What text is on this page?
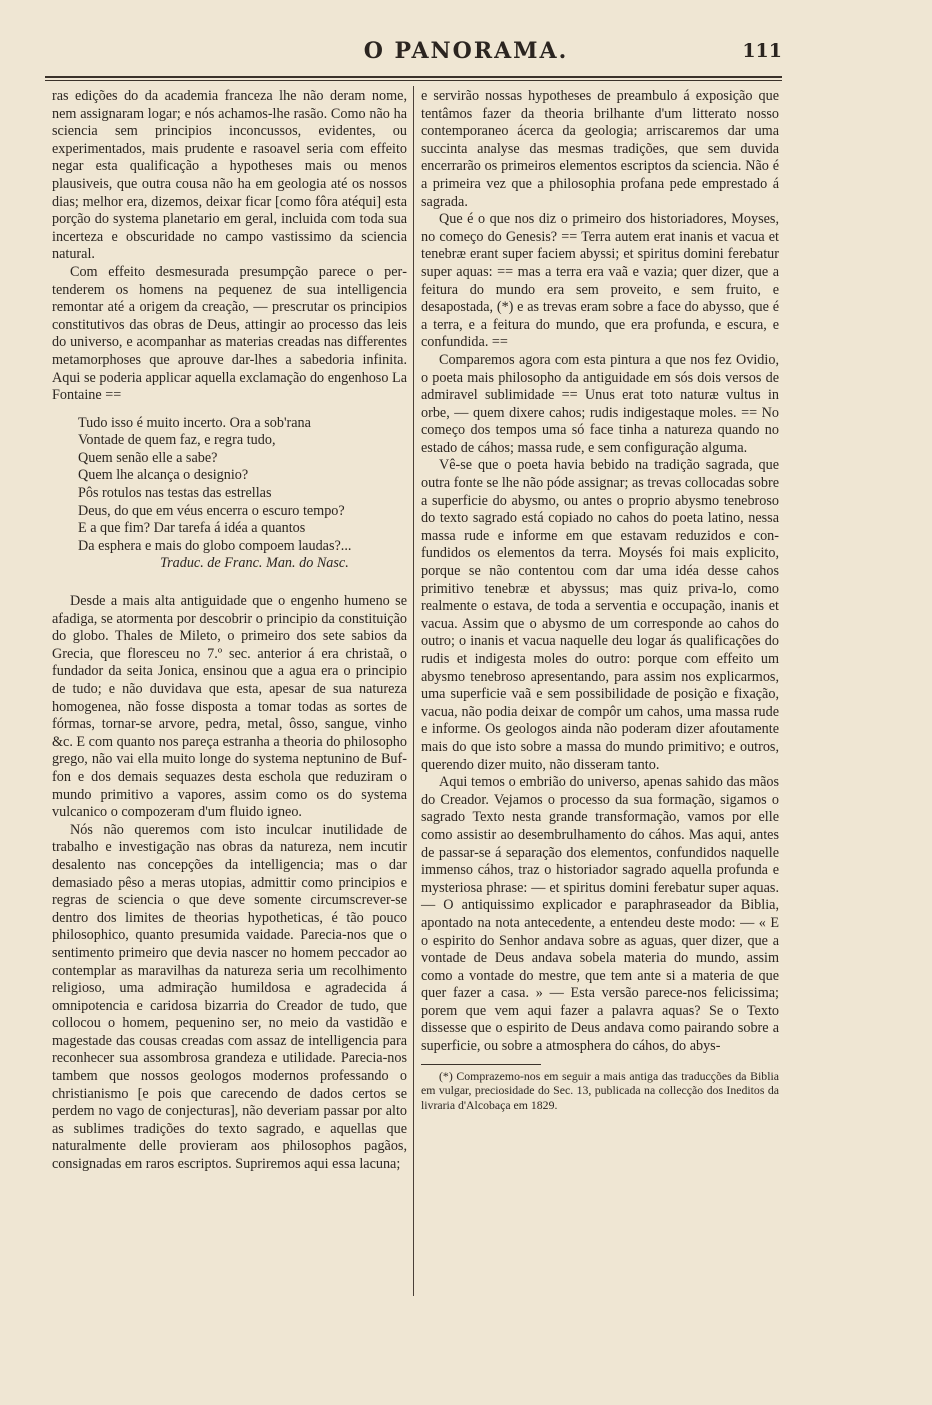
O PANORAMA.	111

ras edições do da academia franceza lhe não deram nome, nem assignaram logar; e nós achamos-lhe rasão. Como não ha sciencia sem principios inconcussos, evidentes, ou experimentados, mais prudente e rasoavel seria com effeito negar esta qualificação a hypotheses mais ou menos plausiveis, que outra cousa não ha em geologia até os nossos dias; melhor era, dizemos, deixar ficar [como fôra atéqui] esta porção do systema planetario em geral, incluida com toda sua incerteza e obscuridade no campo vastissimo da sciencia natural.

Com effeito desmesurada presumpção parece o pertenderem os homens na pequenez de sua intelligencia remontar até a origem da creação, — prescrutar os principios constitutivos das obras de Deus, attingir ao processo das leis do universo, e acompanhar as materias creadas nas differentes metamorphoses que aprouve dar-lhes a sabedoria infinita. Aqui se poderia applicar aquella exclamação do engenhoso La Fontaine ==

Tudo isso é muito incerto. Ora a sob'rana
Vontade de quem faz, e regra tudo,
Quem senão elle a sabe?
Quem lhe alcança o designio?
Pôs rotulos nas testas das estrellas
Deus, do que em véus encerra o escuro tempo?
E a que fim? Dar tarefa á idéa a quantos
Da esphera e mais do globo compoem laudas?...
Traduc. de Franc. Man. do Nasc.

Desde a mais alta antiguidade que o engenho humeno se afadiga, se atormenta por descobrir o principio da constituição do globo. Thales de Mileto, o primeiro dos sete sabios da Grecia, que floresceu no 7.º sec. anterior á era christaã, o fundador da seita Jonica, ensinou que a agua era o principio de tudo; e não duvidava que esta, apesar de sua natureza homogenea, não fosse disposta a tomar todas as sortes de fórmas, tornar-se arvore, pedra, metal, ôsso, sangue, vinho &c. E com quanto nos pareça estranha a theoria do philosopho grego, não vai ella muito longe do systema neptunino de Buffon e dos demais sequazes desta eschola que reduziram o mundo primitivo a vapores, assim como os do systema vulcanico o compozeram d'um fluido igneo.

Nós não queremos com isto inculcar inutilidade de trabalho e investigação nas obras da natureza, nem incutir desalento nas concepções da intelligencia; mas o dar demasiado pêso a meras utopias, admittir como principios e regras de sciencia o que deve somente circumscrever-se dentro dos limites de theorias hypotheticas, é tão pouco philosophico, quanto presumida vaidade. Parecia-nos que o sentimento primeiro que devia nascer no homem peccador ao contemplar as maravilhas da natureza seria um recolhimento religioso, uma admiração humildosa e agradecida á omnipotencia e caridosa bizarria do Creador de tudo, que collocou o homem, pequenino ser, no meio da vastidão e magestade das cousas creadas com assaz de intelligencia para reconhecer sua assombrosa grandeza e utilidade. Parecia-nos tambem que nossos geologos modernos professando o christianismo [e pois que carecendo de dados certos se perdem no vago de conjecturas], não deveriam passar por alto as sublimes tradições do texto sagrado, e aquellas que naturalmente delle provieram aos philosophos pagãos, consignadas em raros escriptos. Supriremos aqui essa lacuna;

e servirão nossas hypotheses de preambulo á exposição que tentâmos fazer da theoria brilhante d'um litterato nosso contemporaneo ácerca da geologia; arriscaremos dar uma succinta analyse das mesmas tradições, que sem duvida encerrarão os primeiros elementos escriptos da sciencia. Não é a primeira vez que a philosophia profana pede emprestado á sagrada.

Que é o que nos diz o primeiro dos historiadores, Moyses, no começo do Genesis? == Terra autem erat inanis et vacua et tenebræ erant super faciem abyssi; et spiritus domini ferebatur super aquas: == mas a terra era vaã e vazia; quer dizer, que a feitura do mundo era sem proveito, e sem fruito, e desapostada, (*) e as trevas eram sobre a face do abysso, que é a terra, e a feitura do mundo, que era profunda, e escura, e confundida. ==

Comparemos agora com esta pintura a que nos fez Ovidio, o poeta mais philosopho da antiguidade em sós dois versos de admiravel sublimidade == Unus erat toto naturæ vultus in orbe, — quem dixere cahos; rudis indigestaque moles. == No começo dos tempos uma só face tinha a natureza quando no estado de cáhos; massa rude, e sem configuração alguma.

Vê-se que o poeta havia bebido na tradição sagrada, que outra fonte se lhe não póde assignar; as trevas collocadas sobre a superficie do abysmo, ou antes o proprio abysmo tenebroso do texto sagrado está copiado no cahos do poeta latino, nessa massa rude e informe em que estavam reduzidos e confundidos os elementos da terra. Moysés foi mais explicito, porque se não contentou com dar uma idéa desse cahos primitivo tenebræ et abyssus; mas quiz priva-lo, como realmente o estava, de toda a serventia e occupação, inanis et vacua. Assim que o abysmo de um corresponde ao cahos do outro; o inanis et vacua naquelle deu logar ás qualificações do rudis et indigesta moles do outro: porque com effeito um abysmo tenebroso apresentando, para assim nos explicarmos, uma superficie vaã e sem possibilidade de posição e fixação, vacua, não podia deixar de compôr um cahos, uma massa rude e informe. Os geologos ainda não poderam dizer afoutamente mais do que isto sobre a massa do mundo primitivo; e outros, querendo dizer muito, não disseram tanto.

Aqui temos o embrião do universo, apenas sahido das mãos do Creador. Vejamos o processo da sua formação, sigamos o sagrado Texto nesta grande transformação, vamos por elle como assistir ao desembrulhamento do cáhos. Mas aqui, antes de passar-se á separação dos elementos, confundidos naquelle immenso cáhos, traz o historiador sagrado aquella profunda e mysteriosa phrase: — et spiritus domini ferebatur super aquas. — O antiquissimo explicador e paraphraseador da Biblia, apontado na nota antecedente, a entendeu deste modo: — « E o espirito do Senhor andava sobre as aguas, quer dizer, que a vontade de Deus andava sobela materia do mundo, assim como a vontade do mestre, que tem ante si a materia de que quer fazer a casa. » — Esta versão parece-nos felicissima; porem que vem aqui fazer a palavra aquas? Se o Texto dissesse que o espirito de Deus andava como pairando sobre a superficie, ou sobre a atmosphera do cáhos, do abys-

(*) Comprazemo-nos em seguir a mais antiga das traducções da Biblia em vulgar, preciosidade do Sec. 13, publicada na collecção dos Ineditos da livraria d'Alcobaça em 1829.
